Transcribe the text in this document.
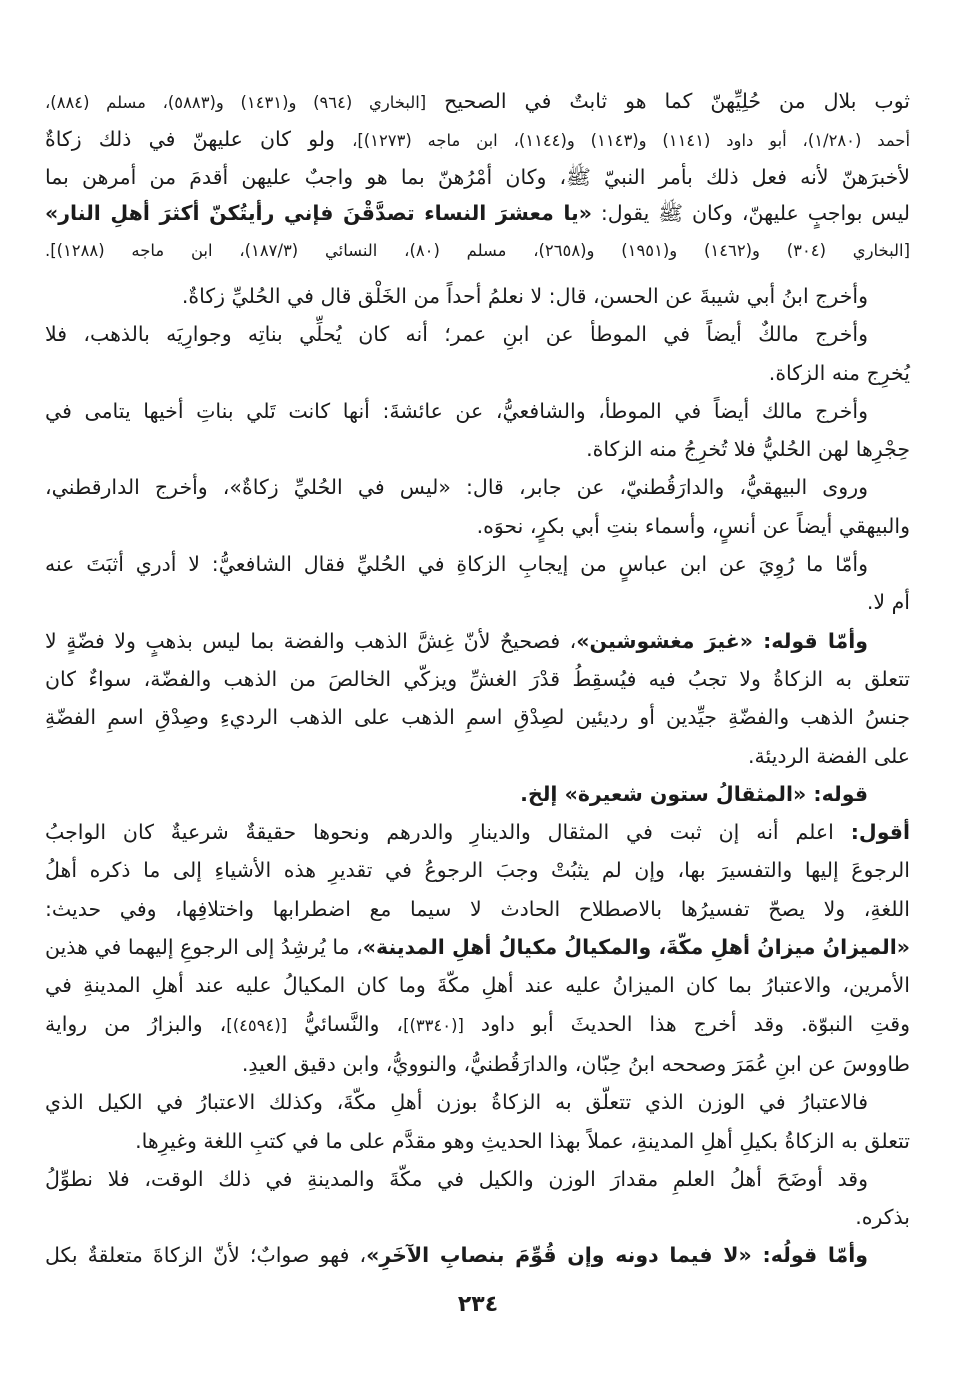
ثوب بلال من حُلِيِّهنّ كما هو ثابتٌ في الصحيح [البخاري (٩٦٤) و(١٤٣١) و(٥٨٨٣)، مسلم (٨٨٤)،
أحمد (١/٢٨٠)، أبو داود (١١٤١) و(١١٤٣) و(١١٤٤)، ابن ماجه (١٢٧٣)]، ولو كان عليهنّ في ذلك زكاةٌ
لأخبرَهنّ لأنه فعل ذلك بأمر النبيّ ﷺ، وكان أمْرُهنّ بما هو واجبٌ عليهن أقدمَ من أمرهن بما
ليس بواجبٍ عليهنّ، وكان ﷺ يقول: «يا معشرَ النساء تصدَّقْنَ فإني رأيتُكنّ أكثرَ أهلِ النار»
[البخاري (٣٠٤) و(١٤٦٢) و(١٩٥١) و(٢٦٥٨)، مسلم (٨٠)، النسائي (١٨٧/٣)، ابن ماجه (١٢٨٨)].
وأخرج ابنُ أبي شيبةَ عن الحسن، قال: لا نعلمُ أحداً من الخَلْق قال في الحُليِّ زكاةٌ.
وأخرج مالكٌ أيضاً في الموطأ عن ابنِ عمر؛ أنه كان يُحلِّي بناتِه وجوارِيَه بالذهب، فلا
يُخرِج منه الزكاة.
وأخرج مالك أيضاً في الموطأ، والشافعيُّ، عن عائشةَ: أنها كانت تَلي بناتِ أخيها يتامى في
حِجْرِها لهن الحُليُّ فلا تُخرِجُ منه الزكاة.
وروى البيهقيُّ، والدارَقُطنيّ، عن جابر، قال: «ليس في الحُليِّ زكاةٌ»، وأخرج الدارقطني،
والبيهقي أيضاً عن أنسٍ، وأسماء بنتِ أبي بكرٍ، نحوَه.
وأمّا ما رُوِيَ عن ابن عباسٍ من إيجابِ الزكاةِ في الحُليِّ فقال الشافعيُّ: لا أدري أثبَتَ عنه
أم لا.
وأمّا قوله: «غيرَ مغشوشين»، فصحيحٌ لأنّ غِشَّ الذهب والفضة بما ليس بذهبٍ ولا فضّةٍ لا
تتعلق به الزكاةُ ولا تجبُ فيه فيُسقِطُ قدْرَ الغشِّ ويزكّي الخالصَ من الذهب والفضّة، سواءٌ كان
جنسُ الذهب والفضّةِ جيِّدين أو رديئين لصِدْقِ اسمِ الذهب على الذهب الرديءِ وصِدْقِ اسمِ الفضّةِ
على الفضة الرديئة.
قوله: «المثقالُ ستون شعيرة» إلخ.
أقول: اعلم أنه إن ثبت في المثقال والدينارِ والدرهم ونحوها حقيقةٌ شرعيةٌ كان الواجبُ
الرجوعَ إليها والتفسيرَ بها، وإن لم يثبُتْ وجبَ الرجوعُ في تقديرِ هذه الأشياءِ إلى ما ذكره أهلُ
اللغةِ، ولا يصحّ تفسيرُها بالاصطلاح الحادث لا سيما مع اضطرابها واختلافِها، وفي حديث:
«الميزانُ ميزانُ أهلِ مكّةَ، والمكيالُ مكيالُ أهلِ المدينة»، ما يُرشِدُ إلى الرجوعِ إليهما في هذين
الأمرين، والاعتبارُ بما كان الميزانُ عليه عند أهلِ مكّةَ وما كان المكيالُ عليه عند أهلِ المدينةِ في
وقتِ النبوّة. وقد أخرج هذا الحديثَ أبو داود [(٣٣٤٠)]، والنَّسائيُّ [(٤٥٩٤)]، والبزارُ من رواية
طاووسَ عن ابنِ عُمَرَ وصححه ابنُ حِبّان، والدارَقُطنيُّ، والنوويُّ، وابن دقيق العيدِ.
فالاعتبارُ في الوزن الذي تتعلّق به الزكاةُ بوزن أهلِ مكّةَ، وكذلك الاعتبارُ في الكيل الذي
تتعلق به الزكاةُ بكيلِ أهلِ المدينةِ، عملاً بهذا الحديثِ وهو مقدَّم على ما في كتبِ اللغة وغيرِها.
وقد أوضَحَ أهلُ العلمِ مقدارَ الوزن والكيل في مكّةَ والمدينةِ في ذلك الوقت، فلا نطوِّلُ
بذكره.
وأمّا قولُه: «لا فيما دونه وإن قُوِّمَ بنصابِ الآخَرِ»، فهو صوابٌ؛ لأنّ الزكاةَ متعلقةٌ بكل
٢٣٤
